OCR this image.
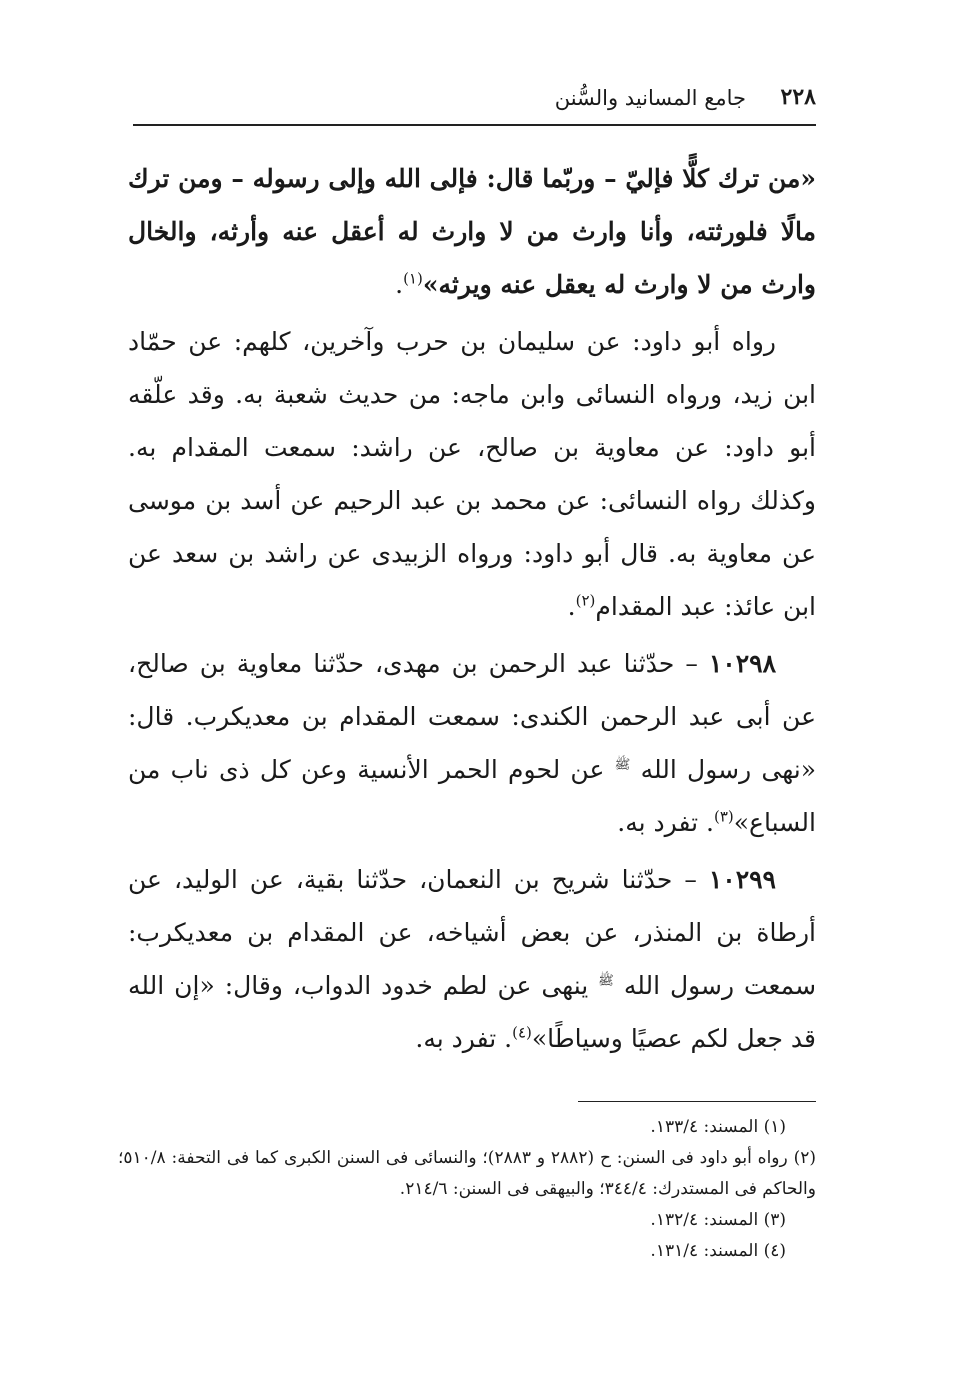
٢٢٨
جامع المسانيد والسُّنن

«من ترك كلًّا فإليّ – وربّما قال: فإلى الله وإلى رسوله – ومن ترك مالًا فلورثته، وأنا وارث من لا وارث له أعقل عنه وأرثه، والخال وارث من لا وارث له يعقل عنه ويرثه»$^{(١)}$.

رواه أبو داود: عن سليمان بن حرب وآخرين، كلهم: عن حمّاد ابن زيد، ورواه النسائى وابن ماجه: من حديث شعبة به. وقد علّقه أبو داود: عن معاوية بن صالح، عن راشد: سمعت المقدام به. وكذلك رواه النسائى: عن محمد بن عبد الرحيم عن أسد بن موسى عن معاوية به. قال أبو داود: ورواه الزبيدى عن راشد بن سعد عن ابن عائذ: عبد المقدام$^{(٢)}$.

١٠٢٩٨ – حدّثنا عبد الرحمن بن مهدى، حدّثنا معاوية بن صالح، عن أبى عبد الرحمن الكندى: سمعت المقدام بن معديكرب. قال: «نهى رسول الله $^ﷺ$ عن لحوم الحمر الأنسية وعن كل ذى ناب من السباع»$^{(٣)}$. تفرد به.

١٠٢٩٩ – حدّثنا شريح بن النعمان، حدّثنا بقية، عن الوليد، عن أرطاة بن المنذر، عن بعض أشياخه، عن المقدام بن معديكرب: سمعت رسول الله $^ﷺ$ ينهى عن لطم خدود الدواب، وقال: «إن الله قد جعل لكم عصيًا وسياطًا»$^{(٤)}$. تفرد به.

(١) المسند: ١٣٣/٤.

(٢) رواه أبو داود فى السنن: ح (٢٨٨٢ و ٢٨٨٣)؛ والنسائى فى السنن الكبرى كما فى التحفة: ٥١٠/٨؛ والحاكم فى المستدرك: ٣٤٤/٤؛ والبيهقى فى السنن: ٢١٤/٦.

(٣) المسند: ١٣٢/٤.

(٤) المسند: ١٣١/٤.
